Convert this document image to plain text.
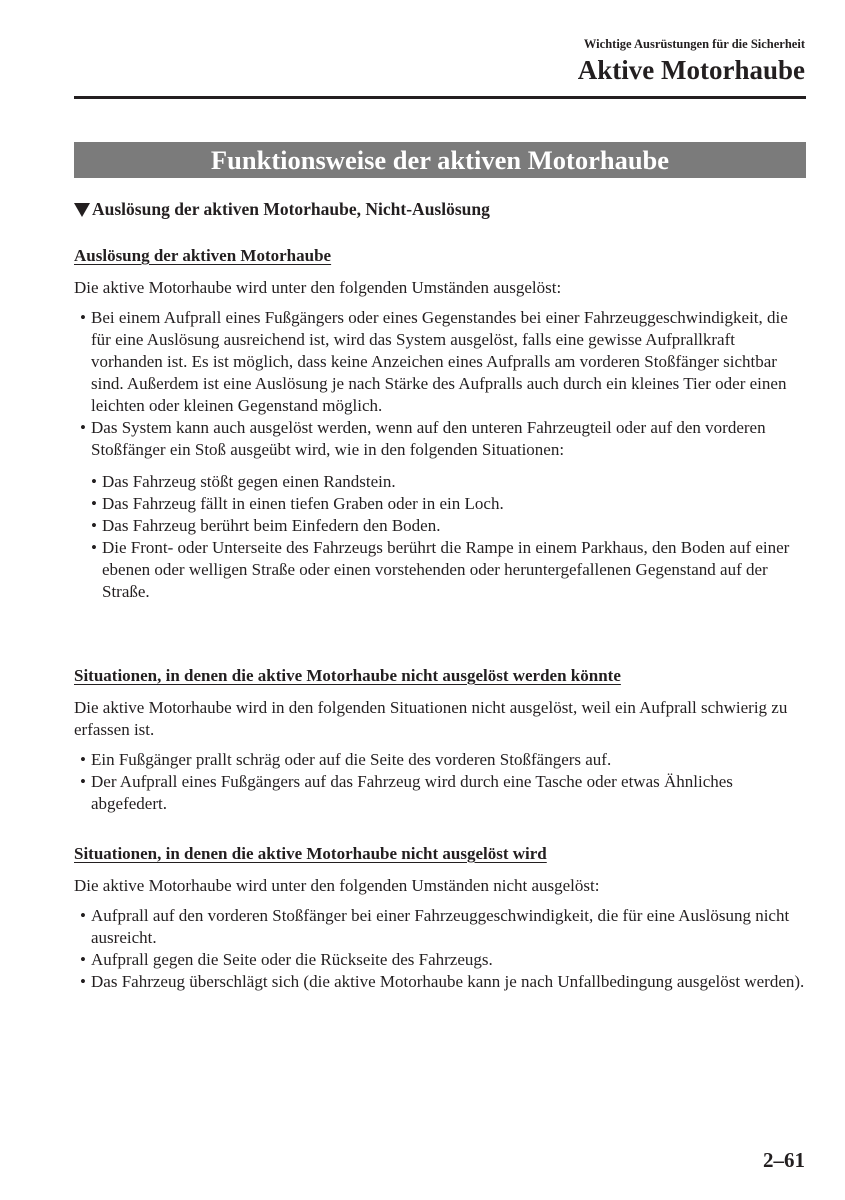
Wichtige Ausrüstungen für die Sicherheit
Aktive Motorhaube
Funktionsweise der aktiven Motorhaube
Auslösung der aktiven Motorhaube, Nicht-Auslösung
Auslösung der aktiven Motorhaube
Die aktive Motorhaube wird unter den folgenden Umständen ausgelöst:
• Bei einem Aufprall eines Fußgängers oder eines Gegenstandes bei einer Fahrzeuggeschwindigkeit, die für eine Auslösung ausreichend ist, wird das System ausgelöst, falls eine gewisse Aufprallkraft vorhanden ist. Es ist möglich, dass keine Anzeichen eines Aufpralls am vorderen Stoßfänger sichtbar sind. Außerdem ist eine Auslösung je nach Stärke des Aufpralls auch durch ein kleines Tier oder einen leichten oder kleinen Gegenstand möglich.
• Das System kann auch ausgelöst werden, wenn auf den unteren Fahrzeugteil oder auf den vorderen Stoßfänger ein Stoß ausgeübt wird, wie in den folgenden Situationen:
• Das Fahrzeug stößt gegen einen Randstein.
• Das Fahrzeug fällt in einen tiefen Graben oder in ein Loch.
• Das Fahrzeug berührt beim Einfedern den Boden.
• Die Front- oder Unterseite des Fahrzeugs berührt die Rampe in einem Parkhaus, den Boden auf einer ebenen oder welligen Straße oder einen vorstehenden oder heruntergefallenen Gegenstand auf der Straße.
Situationen, in denen die aktive Motorhaube nicht ausgelöst werden könnte
Die aktive Motorhaube wird in den folgenden Situationen nicht ausgelöst, weil ein Aufprall schwierig zu erfassen ist.
• Ein Fußgänger prallt schräg oder auf die Seite des vorderen Stoßfängers auf.
• Der Aufprall eines Fußgängers auf das Fahrzeug wird durch eine Tasche oder etwas Ähnliches abgefedert.
Situationen, in denen die aktive Motorhaube nicht ausgelöst wird
Die aktive Motorhaube wird unter den folgenden Umständen nicht ausgelöst:
• Aufprall auf den vorderen Stoßfänger bei einer Fahrzeuggeschwindigkeit, die für eine Auslösung nicht ausreicht.
• Aufprall gegen die Seite oder die Rückseite des Fahrzeugs.
• Das Fahrzeug überschlägt sich (die aktive Motorhaube kann je nach Unfallbedingung ausgelöst werden).
2–61
